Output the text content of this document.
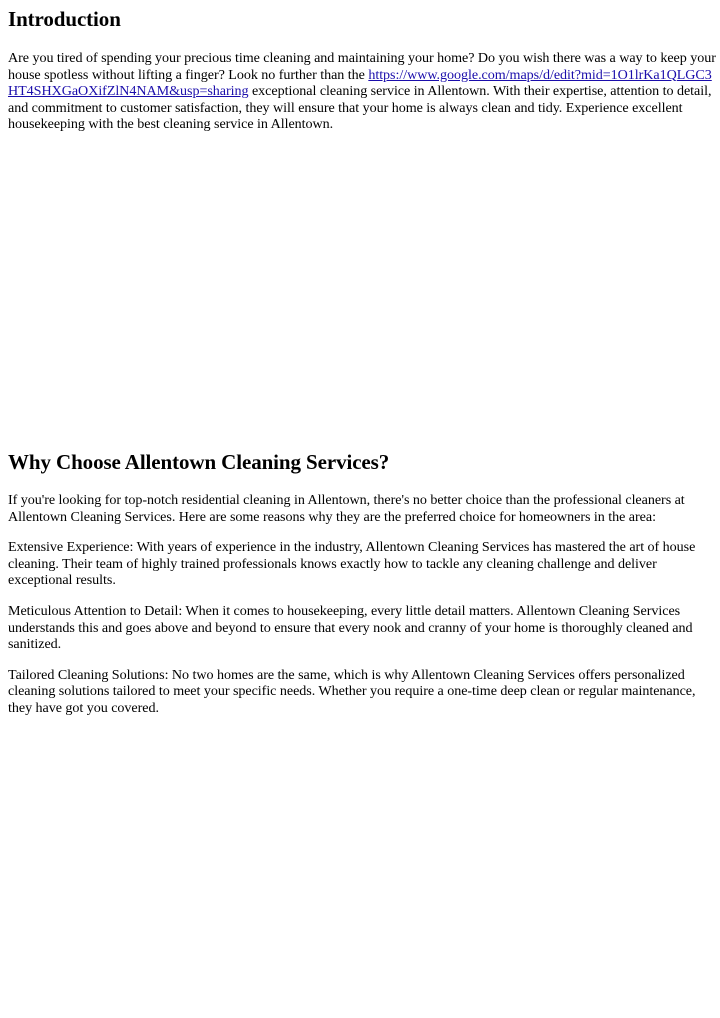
Introduction

Are you tired of spending your precious time cleaning and maintaining your home? Do you wish there was a way to keep your house spotless without lifting a finger? Look no further than the https://www.google.com/maps/d/edit?mid=1O1lrKa1QLGC3HT4SHXGaOXifZlN4NAM&usp=sharing exceptional cleaning service in Allentown. With their expertise, attention to detail, and commitment to customer satisfaction, they will ensure that your home is always clean and tidy. Experience excellent housekeeping with the best cleaning service in Allentown.

Why Choose Allentown Cleaning Services?

If you're looking for top-notch residential cleaning in Allentown, there's no better choice than the professional cleaners at Allentown Cleaning Services. Here are some reasons why they are the preferred choice for homeowners in the area:

Extensive Experience: With years of experience in the industry, Allentown Cleaning Services has mastered the art of house cleaning. Their team of highly trained professionals knows exactly how to tackle any cleaning challenge and deliver exceptional results.

Meticulous Attention to Detail: When it comes to housekeeping, every little detail matters. Allentown Cleaning Services understands this and goes above and beyond to ensure that every nook and cranny of your home is thoroughly cleaned and sanitized.

Tailored Cleaning Solutions: No two homes are the same, which is why Allentown Cleaning Services offers personalized cleaning solutions tailored to meet your specific needs. Whether you require a one-time deep clean or regular maintenance, they have got you covered.
